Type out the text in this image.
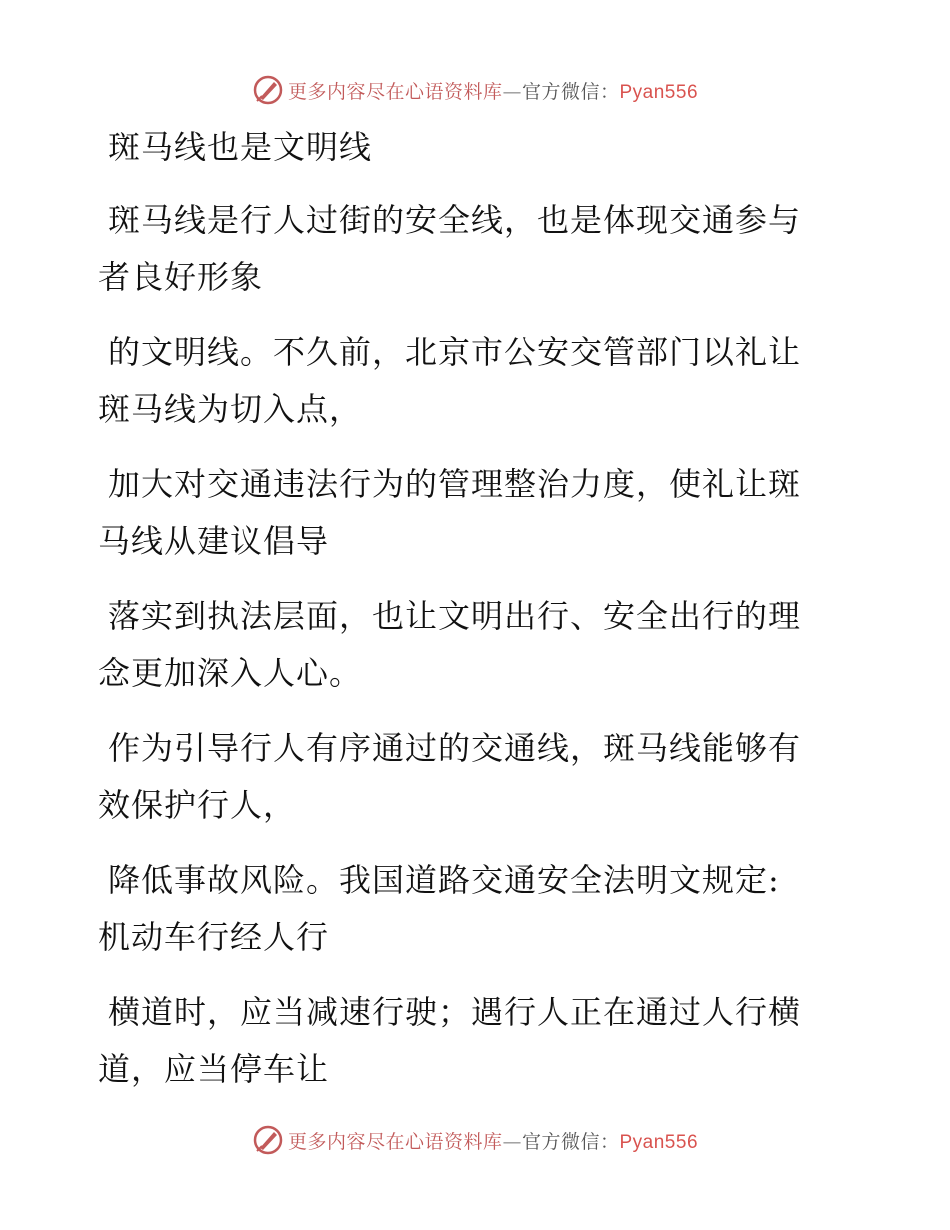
更多内容尽在心语资料库—官方微信：Pyan556
斑马线也是文明线
斑马线是行人过街的安全线，也是体现交通参与
者良好形象
的文明线。不久前，北京市公安交管部门以礼让
斑马线为切入点，
加大对交通违法行为的管理整治力度，使礼让斑
马线从建议倡导
落实到执法层面，也让文明出行、安全出行的理
念更加深入人心。
作为引导行人有序通过的交通线，斑马线能够有
效保护行人，
降低事故风险。我国道路交通安全法明文规定:
机动车行经人行
横道时，应当减速行驶；遇行人正在通过人行横
道，应当停车让
更多内容尽在心语资料库—官方微信：Pyan556
